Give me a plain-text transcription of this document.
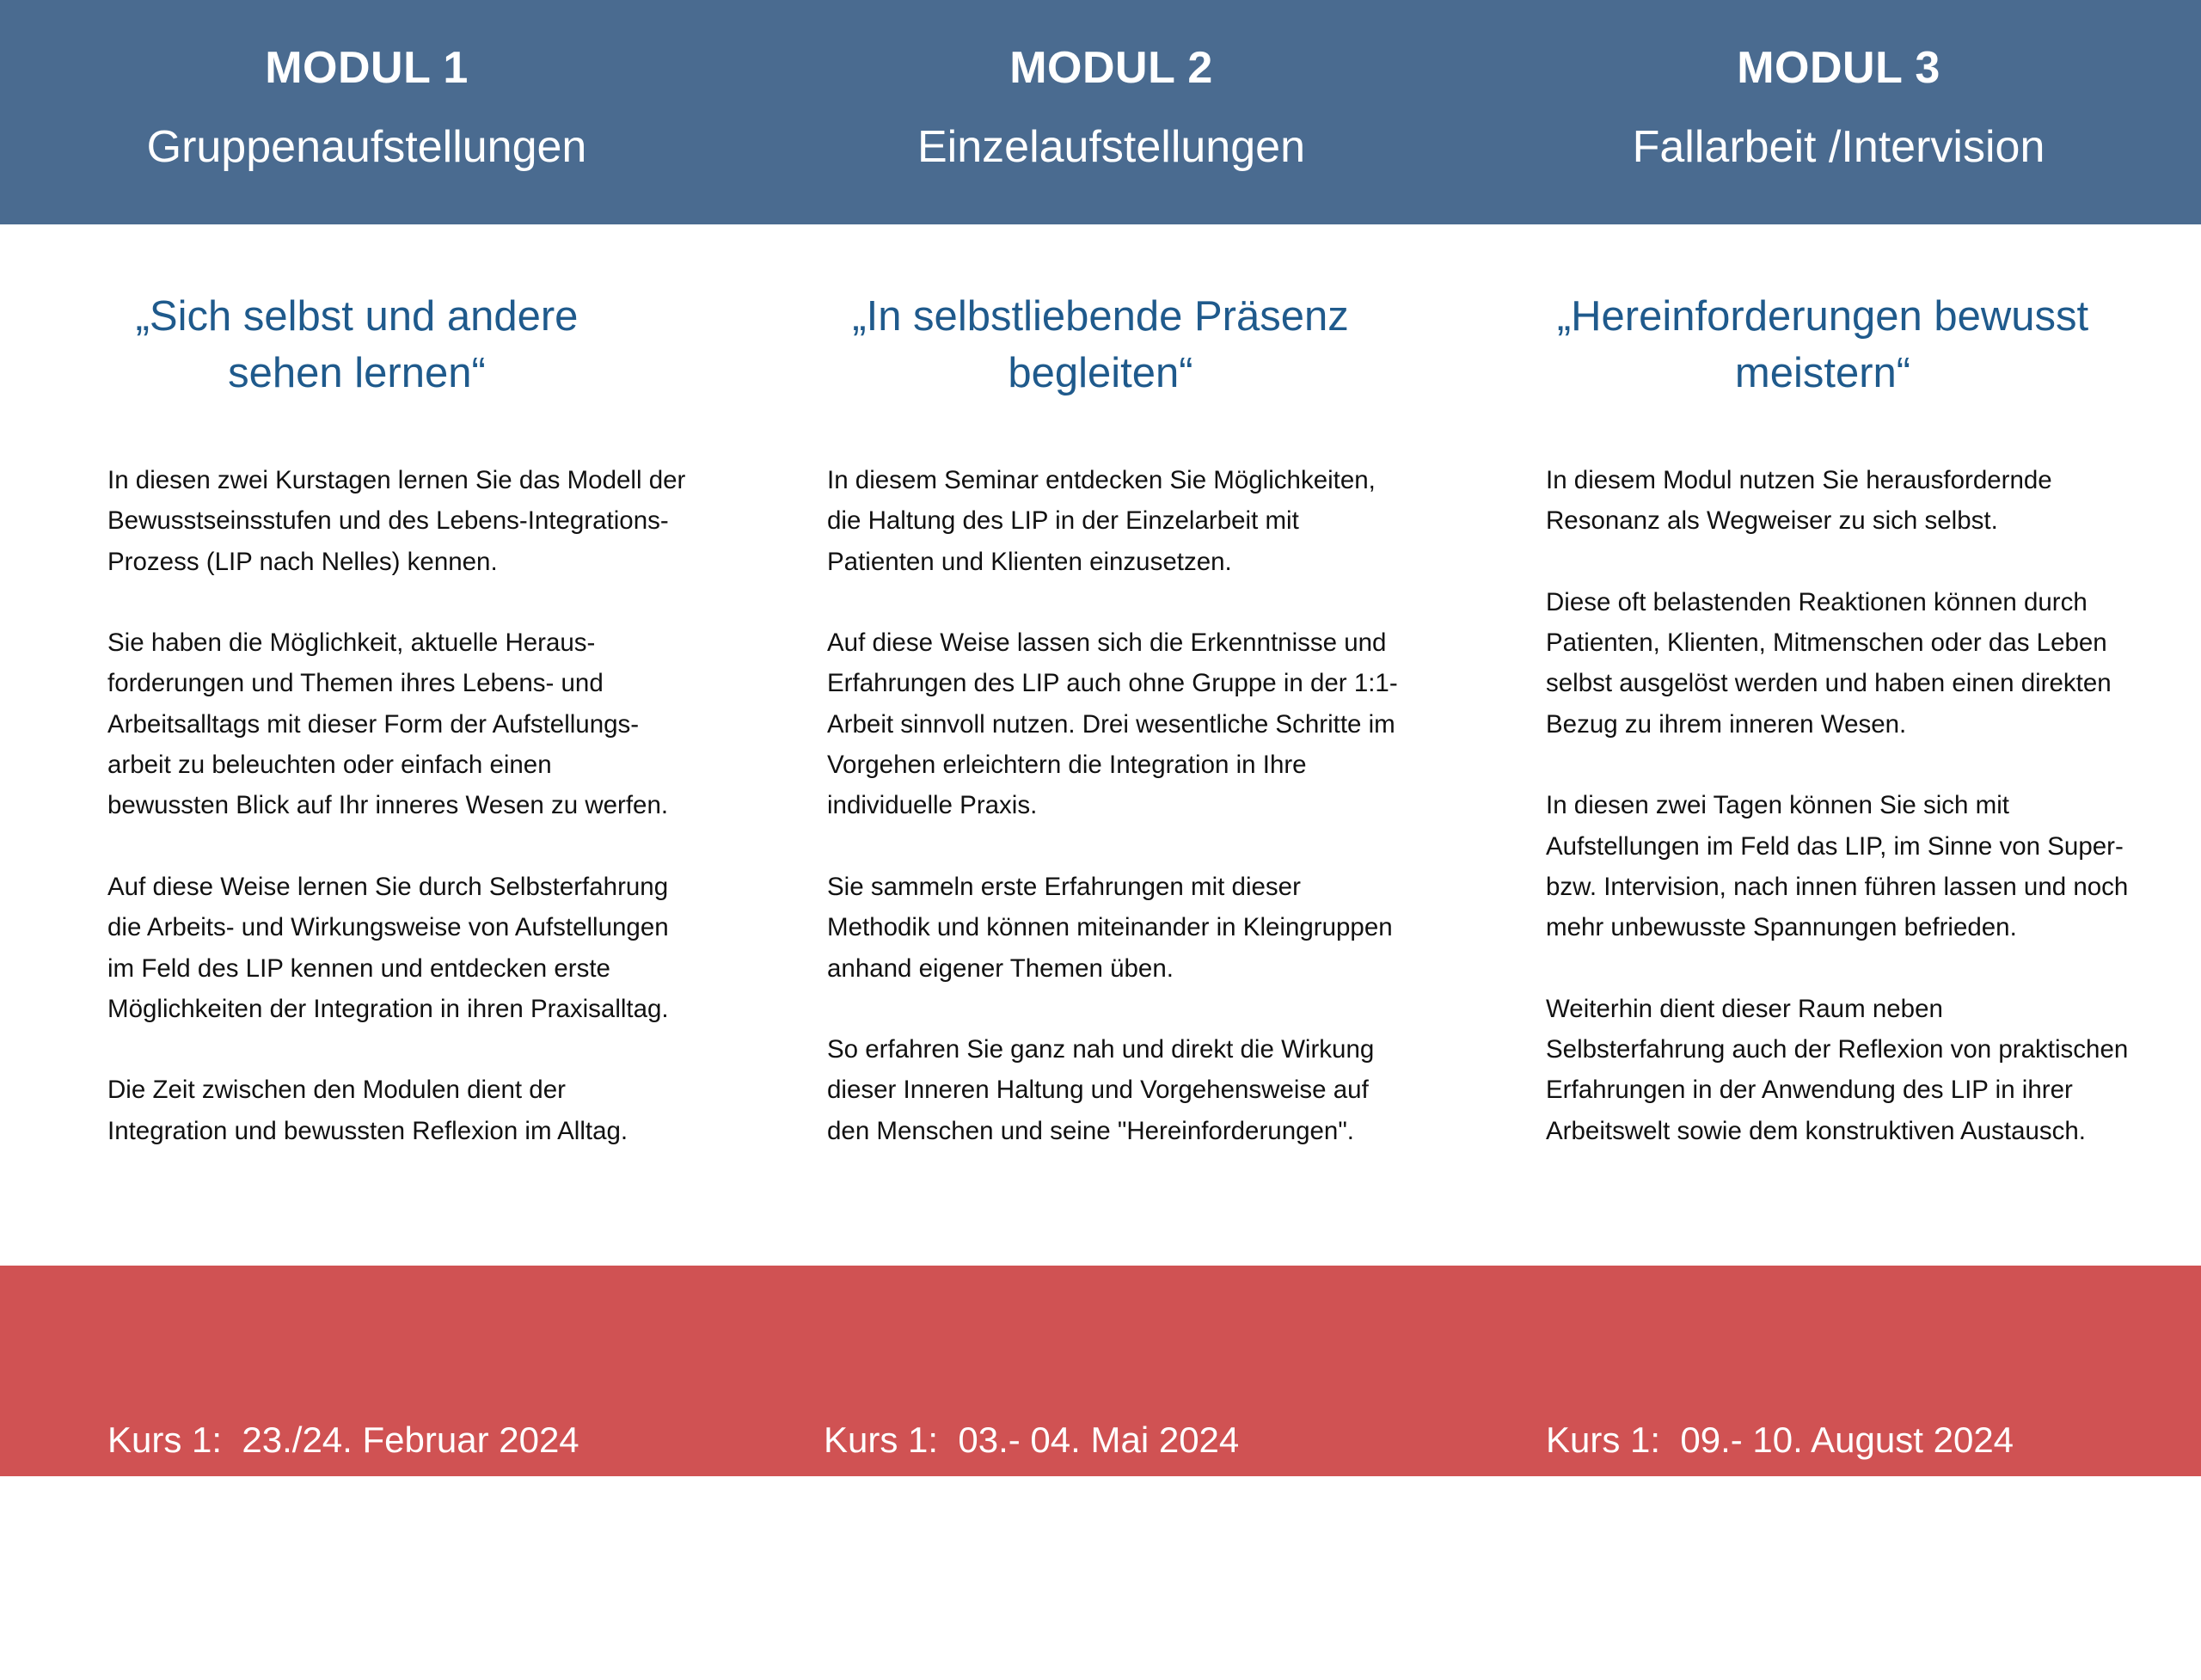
MODUL 1
Gruppenaufstellungen
MODUL 2
Einzelaufstellungen
MODUL 3
Fallarbeit /Intervision
„Sich selbst und andere
sehen lernen“
„In selbstliebende Präsenz
begleiten“
„Hereinforderungen bewusst
meistern“

In diesen zwei Kurstagen lernen Sie das Modell der
Bewusstseinsstufen und des Lebens-Integrations-
Prozess (LIP nach Nelles) kennen.

Sie haben die Möglichkeit, aktuelle Heraus-
forderungen und Themen ihres Lebens- und
Arbeitsalltags mit dieser Form der Aufstellungs-
arbeit zu beleuchten oder einfach einen
bewussten Blick auf Ihr inneres Wesen zu werfen.

Auf diese Weise lernen Sie durch Selbsterfahrung
die Arbeits- und Wirkungsweise von Aufstellungen
im Feld des LIP kennen und entdecken erste
Möglichkeiten der Integration in ihren Praxisalltag.

Die Zeit zwischen den Modulen dient der
Integration und bewussten Reflexion im Alltag.

In diesem Seminar entdecken Sie Möglichkeiten,
die Haltung des LIP in der Einzelarbeit mit
Patienten und Klienten einzusetzen.

Auf diese Weise lassen sich die Erkenntnisse und
Erfahrungen des LIP auch ohne Gruppe in der 1:1-
Arbeit sinnvoll nutzen. Drei wesentliche Schritte im
Vorgehen erleichtern die Integration in Ihre
individuelle Praxis.

Sie sammeln erste Erfahrungen mit dieser
Methodik und können miteinander in Kleingruppen
anhand eigener Themen üben.

So erfahren Sie ganz nah und direkt die Wirkung
dieser Inneren Haltung und Vorgehensweise auf
den Menschen und seine "Hereinforderungen".

In diesem Modul nutzen Sie herausfordernde
Resonanz als Wegweiser zu sich selbst.

Diese oft belastenden Reaktionen können durch
Patienten, Klienten, Mitmenschen oder das Leben
selbst ausgelöst werden und haben einen direkten
Bezug zu ihrem inneren Wesen.

In diesen zwei Tagen können Sie sich mit
Aufstellungen im Feld das LIP, im Sinne von Super-
bzw. Intervision, nach innen führen lassen und noch
mehr unbewusste Spannungen befrieden.

Weiterhin dient dieser Raum neben
Selbsterfahrung auch der Reflexion von praktischen
Erfahrungen in der Anwendung des LIP in ihrer
Arbeitswelt sowie dem konstruktiven Austausch.

Kurs 1:  23./24. Februar 2024

Kurs 2:  06./07. September 2024

Kurs 1:  03.- 04. Mai 2024

Kurs 2:  06./07. Dezember 2024

Kurs 1:  09.- 10. August 2024

Kurs 2:  28.2./01. März 2025
